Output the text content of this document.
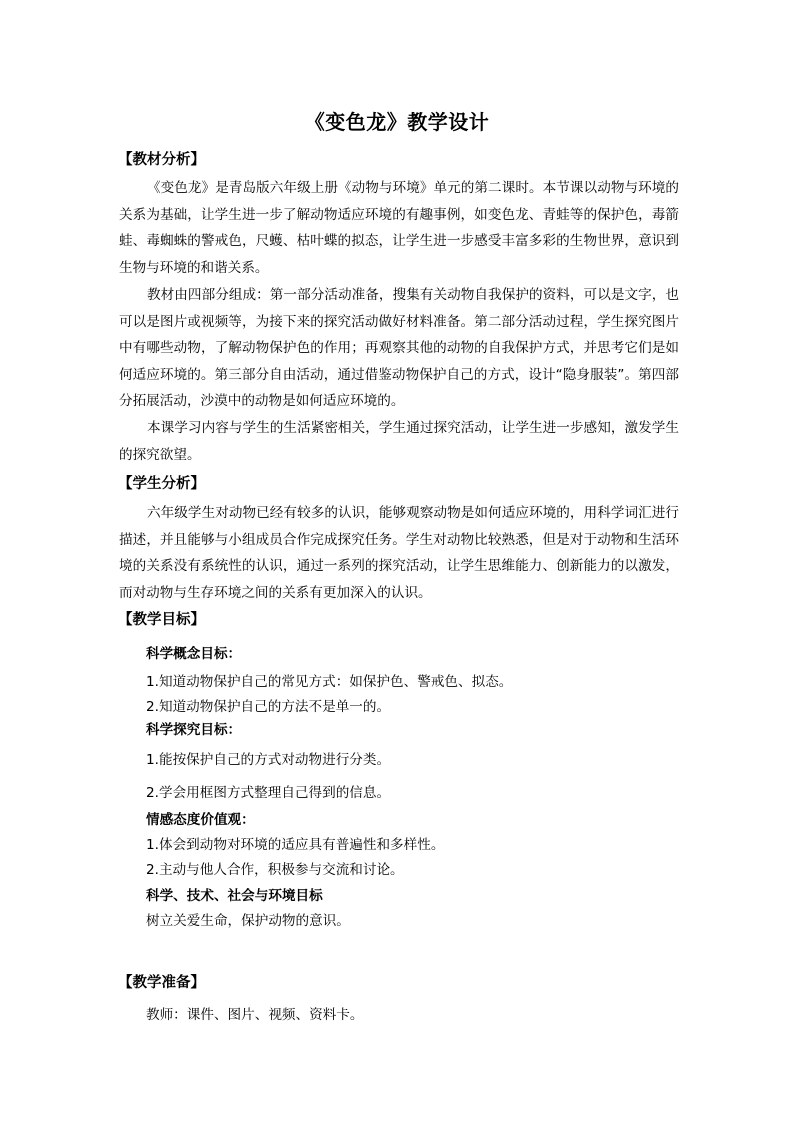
《变色龙》教学设计
【教材分析】

《变色龙》是青岛版六年级上册《动物与环境》单元的第二课时。本节课以动物与环境的关系为基础，让学生进一步了解动物适应环境的有趣事例，如变色龙、青蛙等的保护色，毒箭蛙、毒蜘蛛的警戒色，尺蠖、枯叶蝶的拟态，让学生进一步感受丰富多彩的生物世界，意识到生物与环境的和谐关系。

教材由四部分组成：第一部分活动准备，搜集有关动物自我保护的资料，可以是文字，也可以是图片或视频等，为接下来的探究活动做好材料准备。第二部分活动过程，学生探究图片中有哪些动物，了解动物保护色的作用；再观察其他的动物的自我保护方式，并思考它们是如何适应环境的。第三部分自由活动，通过借鉴动物保护自己的方式，设计“隐身服装”。第四部分拓展活动，沙漠中的动物是如何适应环境的。

本课学习内容与学生的生活紧密相关，学生通过探究活动，让学生进一步感知，激发学生的探究欲望。

【学生分析】

六年级学生对动物已经有较多的认识，能够观察动物是如何适应环境的，用科学词汇进行描述，并且能够与小组成员合作完成探究任务。学生对动物比较熟悉，但是对于动物和生活环境的关系没有系统性的认识，通过一系列的探究活动，让学生思维能力、创新能力的以激发，而对动物与生存环境之间的关系有更加深入的认识。

【教学目标】
科学概念目标：
1.知道动物保护自己的常见方式：如保护色、警戒色、拟态。
2.知道动物保护自己的方法不是单一的。
科学探究目标：
1.能按保护自己的方式对动物进行分类。
2.学会用框图方式整理自己得到的信息。
情感态度价值观：
1.体会到动物对环境的适应具有普遍性和多样性。
2.主动与他人合作，积极参与交流和讨论。
科学、技术、社会与环境目标
树立关爱生命，保护动物的意识。
【教学准备】
教师：课件、图片、视频、资料卡。
